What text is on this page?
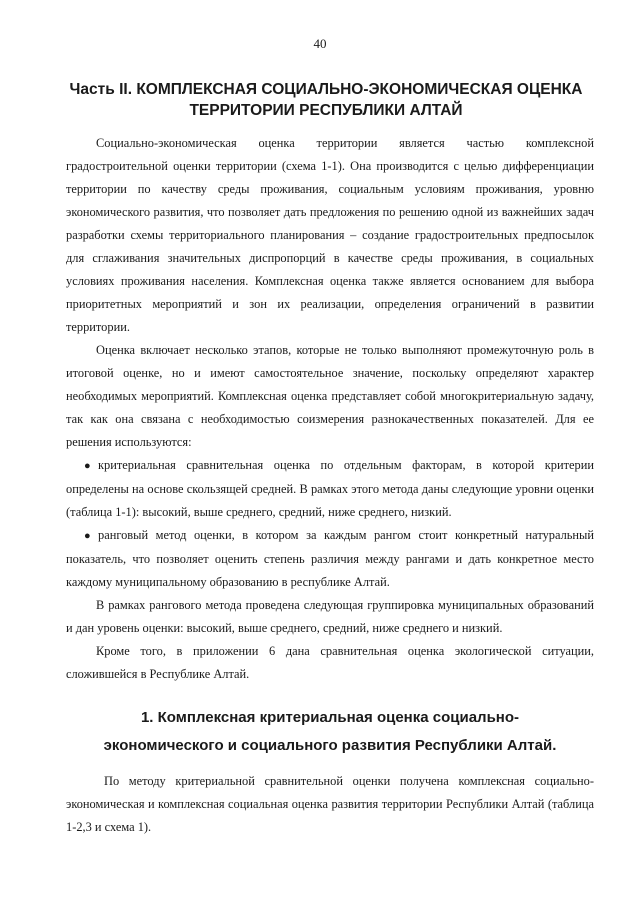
40
Часть II. КОМПЛЕКСНАЯ СОЦИАЛЬНО-ЭКОНОМИЧЕСКАЯ ОЦЕНКА
ТЕРРИТОРИИ РЕСПУБЛИКИ АЛТАЙ

Социально-экономическая оценка территории является частью комплексной градостроительной оценки территории (схема 1-1). Она производится с целью дифференциации территории по качеству среды проживания, социальным условиям проживания, уровню экономического развития, что позволяет дать предложения по решению одной из важнейших задач разработки схемы территориального планирования – создание градостроительных предпосылок для сглаживания значительных диспропорций в качестве среды проживания, в социальных условиях проживания населения. Комплексная оценка также является основанием для выбора приоритетных мероприятий и зон их реализации, определения ограничений в развитии территории.

Оценка включает несколько этапов, которые не только выполняют промежуточную роль в итоговой оценке, но и имеют самостоятельное значение, поскольку определяют характер необходимых мероприятий. Комплексная оценка представляет собой многокритериальную задачу, так как она связана с необходимостью соизмерения разнокачественных показателей. Для ее решения используются:

● критериальная сравнительная оценка по отдельным факторам, в которой критерии определены на основе скользящей средней. В рамках этого метода даны следующие уровни оценки (таблица 1-1): высокий, выше среднего, средний, ниже среднего, низкий.

● ранговый метод оценки, в котором за каждым рангом стоит конкретный натуральный показатель, что позволяет оценить степень различия между рангами и дать конкретное место каждому муниципальному образованию в республике Алтай.

В рамках рангового метода проведена следующая группировка муниципальных образований и дан уровень оценки: высокий, выше среднего, средний, ниже среднего и низкий.

Кроме того, в приложении 6 дана сравнительная оценка экологической ситуации, сложившейся в Республике Алтай.

1. Комплексная критериальная оценка социально-
экономического и социального развития Республики Алтай.

По методу критериальной сравнительной оценки получена комплексная социально-экономическая и комплексная социальная оценка развития территории Республики Алтай (таблица 1-2,3 и схема 1).
